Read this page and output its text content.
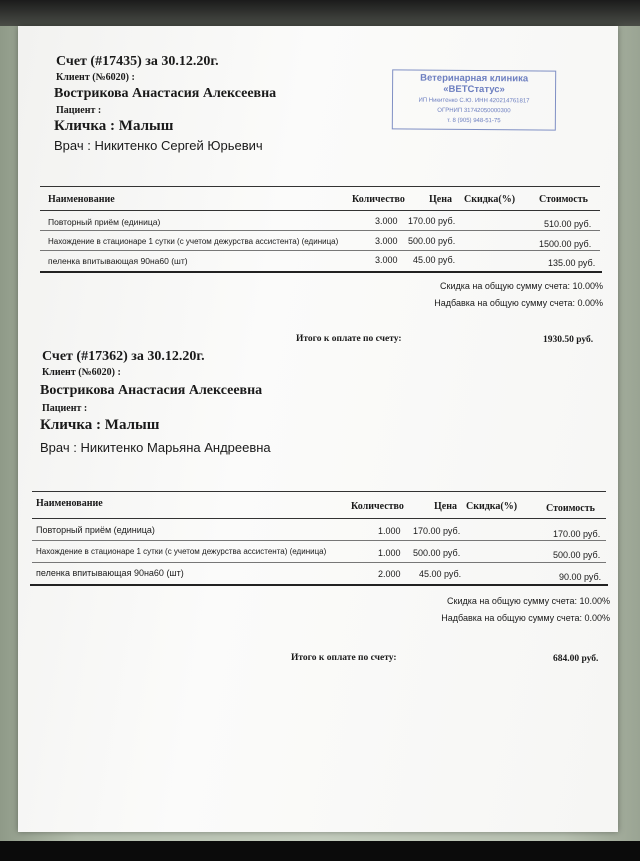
Счет (#17435) за 30.12.20г.
Клиент (№6020) :
Вострикова Анастасия Алексеевна
Пациент :
Кличка : Малыш
Врач : Никитенко Сергей Юрьевич
Ветеринарная клиника
«ВЕТСтатус»
ИП Никитенко С.Ю. ИНН 420214761817
ОГРНИП 31742050000300
т. 8 (905) 948-51-75
Наименование	Количество Цена Скидка(%) Стоимость
Повторный приём (единица)	3.000 170.00 руб.	510.00 руб.
Нахождение в стационаре 1 сутки (с учетом дежурства ассистента) (единица)	3.000 500.00 руб.	1500.00 руб.
пеленка впитывающая 90на60 (шт)	3.000 45.00 руб.	135.00 руб.
Скидка на общую сумму счета: 10.00%
Надбавка на общую сумму счета: 0.00%
Итого к оплате по счету:	1930.50 руб.
Счет (#17362) за 30.12.20г.
Клиент (№6020) :
Вострикова Анастасия Алексеевна
Пациент :
Кличка : Малыш
Врач : Никитенко Марьяна Андреевна
Наименование	Количество	Цена Скидка(%)	Стоимость
Повторный приём (единица)	1.000 170.00 руб.	170.00 руб.
Нахождение в стационаре 1 сутки (с учетом дежурства ассистента) (единица)	1.000 500.00 руб.	500.00 руб.
пеленка впитывающая 90на60 (шт)	2.000 45.00 руб.	90.00 руб.
Скидка на общую сумму счета: 10.00%
Надбавка на общую сумму счета: 0.00%
Итого к оплате по счету:	684.00 руб.
